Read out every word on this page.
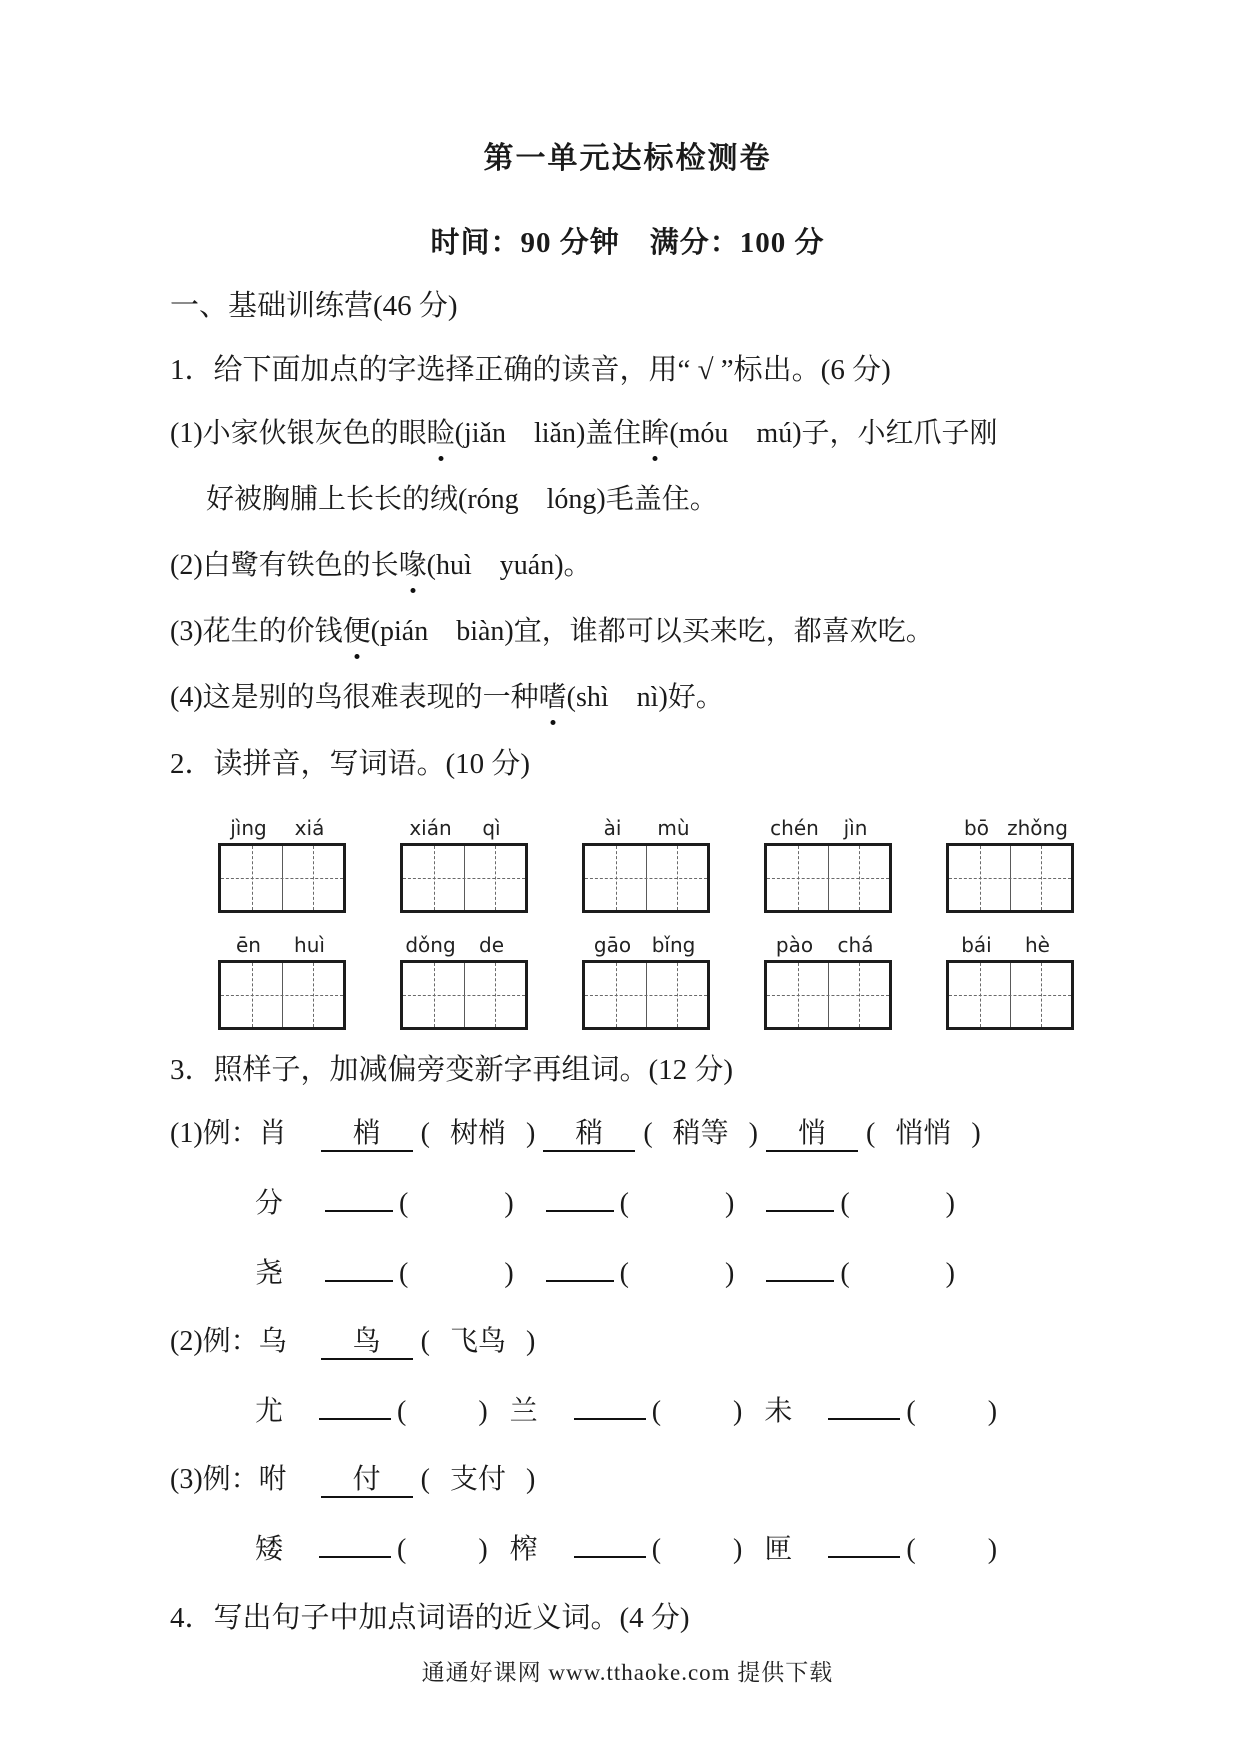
第一单元达标检测卷
时间：90 分钟　满分：100 分
一、基础训练营(46 分)
1．给下面加点的字选择正确的读音，用“ √ ”标出。(6 分)
(1)小家伙银灰色的眼睑(jiǎn　liǎn)盖住眸(móu　mú)子，小红爪子刚
好被胸脯上长长的绒(róng　lóng)毛盖住。
(2)白鹭有铁色的长喙(huì　yuán)。
(3)花生的价钱便(pián　biàn)宜，谁都可以买来吃，都喜欢吃。
(4)这是别的鸟很难表现的一种嗜(shì　nì)好。
2．读拼音，写词语。(10 分)
jìng	xiá	xián	qì	ài	mù	chén	jìn	bō zhǒng
ēn	huì	dǒng	de	gāo	bǐng	pào	chá	bái	hè
3．照样子，加减偏旁变新字再组词。(12 分)
(1)例：肖 梢 ( 树梢 ) 稍 ( 稍等 ) 悄 ( 悄悄 )
分	(	)	(	)	(	)
尧	(	)	(	)	(	)
(2)例：乌 鸟 ( 飞鸟 )
尤	(	) 兰	(	) 未	(	)
(3)例：咐 付 ( 支付 )
矮	(	) 榨	(	) 匣	(	)
4．写出句子中加点词语的近义词。(4 分)
通通好课网 www.tthaoke.com 提供下载
